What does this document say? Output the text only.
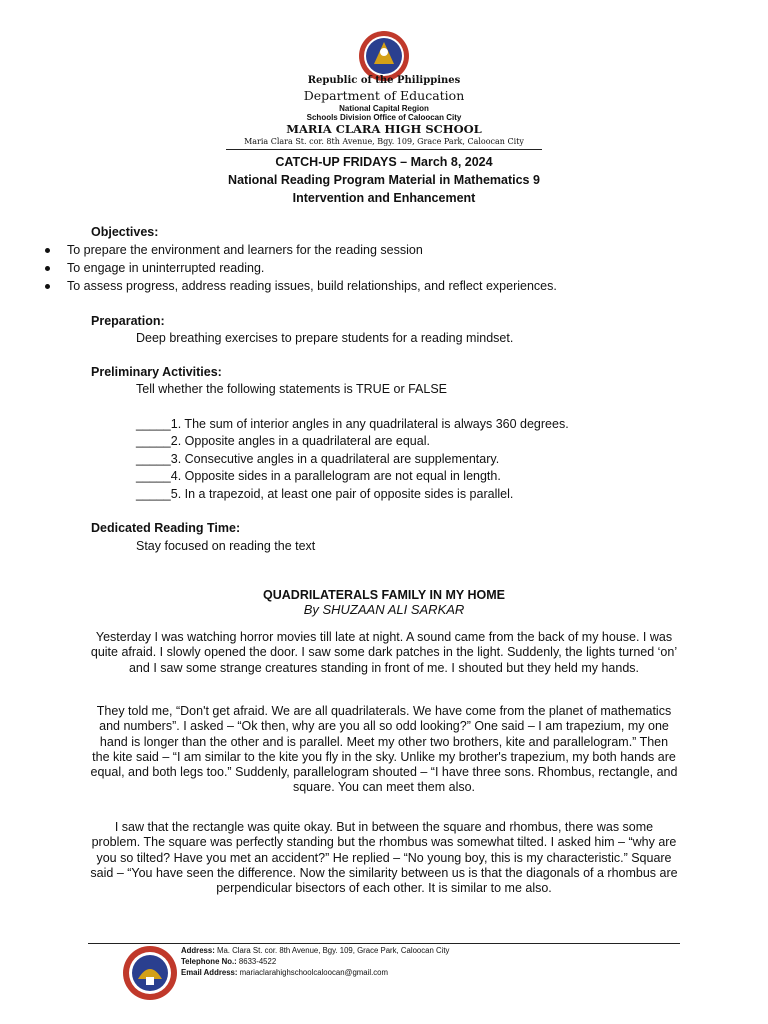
Republic of the Philippines
Department of Education
National Capital Region
Schools Division Office of Caloocan City
MARIA CLARA HIGH SCHOOL
Maria Clara St. cor. 8th Avenue, Bgy. 109, Grace Park, Caloocan City
CATCH-UP FRIDAYS – March 8, 2024
National Reading Program Material in Mathematics 9
Intervention and Enhancement
Objectives:
To prepare the environment and learners for the reading session
To engage in uninterrupted reading.
To assess progress, address reading issues, build relationships, and reflect experiences.
Preparation:
Deep breathing exercises to prepare students for a reading mindset.
Preliminary Activities:
Tell whether the following statements is TRUE or FALSE
_____1. The sum of interior angles in any quadrilateral is always 360 degrees.
_____2. Opposite angles in a quadrilateral are equal.
_____3. Consecutive angles in a quadrilateral are supplementary.
_____4. Opposite sides in a parallelogram are not equal in length.
_____5. In a trapezoid, at least one pair of opposite sides is parallel.
Dedicated Reading Time:
Stay focused on reading the text
QUADRILATERALS FAMILY IN MY HOME
By SHUZAAN ALI SARKAR
Yesterday I was watching horror movies till late at night. A sound came from the back of my house. I was quite afraid. I slowly opened the door. I saw some dark patches in the light. Suddenly, the lights turned ‘on’ and I saw some strange creatures standing in front of me. I shouted but they held my hands.
They told me, “Don't get afraid. We are all quadrilaterals. We have come from the planet of mathematics and numbers”. I asked – “Ok then, why are you all so odd looking?” One said – I am trapezium, my one hand is longer than the other and is parallel. Meet my other two brothers, kite and parallelogram.” Then the kite said – “I am similar to the kite you fly in the sky. Unlike my brother's trapezium, my both hands are equal, and both legs too.” Suddenly, parallelogram shouted – “I have three sons. Rhombus, rectangle, and square. You can meet them also.
I saw that the rectangle was quite okay. But in between the square and rhombus, there was some problem. The square was perfectly standing but the rhombus was somewhat tilted. I asked him – “why are you so tilted? Have you met an accident?” He replied – “No young boy, this is my characteristic.” Square said – “You have seen the difference. Now the similarity between us is that the diagonals of a rhombus are perpendicular bisectors of each other. It is similar to me also.
Address: Ma. Clara St. cor. 8th Avenue, Bgy. 109, Grace Park, Caloocan City
Telephone No.: 8633-4522
Email Address: mariaclarahighschoolcaloocan@gmail.com
